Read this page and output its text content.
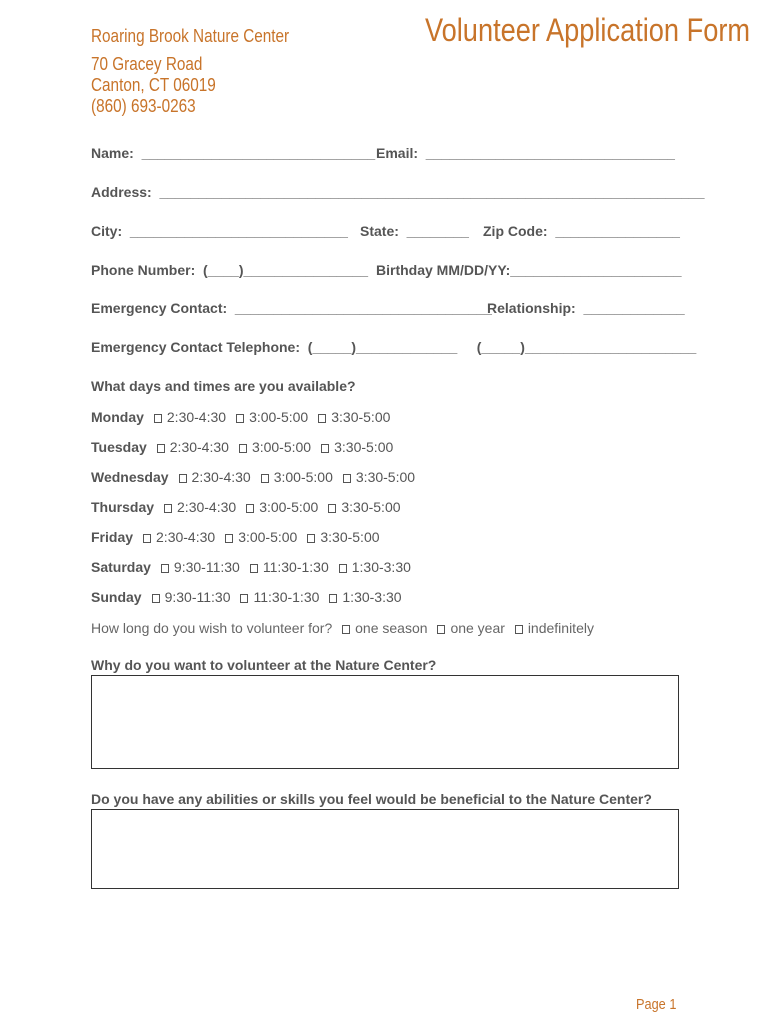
Roaring Brook Nature Center	Volunteer Application Form
70 Gracey Road
Canton, CT 06019
(860) 693-0263
Name:  ______________________________ Email:  ________________________________
Address:  ______________________________________________________________________
City:  ____________________________ State:  ________ Zip Code:  ________________
Phone Number:  (____)________________ Birthday MM/DD/YY:______________________
Emergency Contact:  _________________________________
Relationship:  _____________
Emergency Contact Telephone:  (_____)_____________     (_____)______________________
What days and times are you available?
Monday 2:30-4:30 3:00-5:00 3:30-5:00
Tuesday 2:30-4:30 3:00-5:00 3:30-5:00
Wednesday 2:30-4:30 3:00-5:00 3:30-5:00
Thursday 2:30-4:30 3:00-5:00 3:30-5:00
Friday 2:30-4:30 3:00-5:00 3:30-5:00
Saturday 9:30-11:30 11:30-1:30 1:30-3:30
Sunday 9:30-11:30 11:30-1:30 1:30-3:30
How long do you wish to volunteer for? one season one year indefinitely
Why do you want to volunteer at the Nature Center?
Do you have any abilities or skills you feel would be beneficial to the Nature Center?
Page 1
